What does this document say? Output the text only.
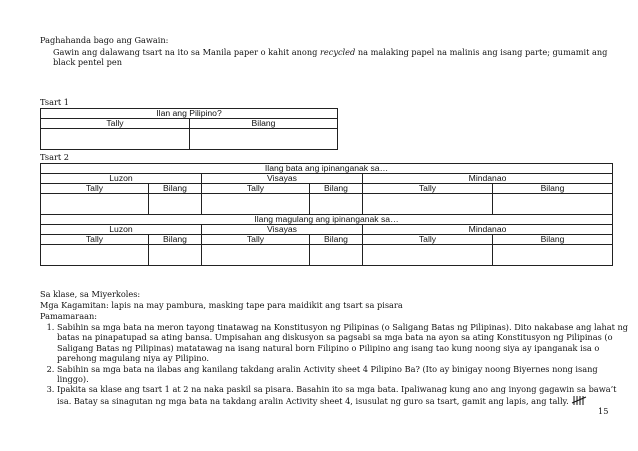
Paghahanda bago ang Gawain:
Gawin ang dalawang tsart na ito sa Manila paper o kahit anong recycled na malaking papel na malinis ang isang parte; gumamit ang black pentel pen
Tsart 1
Ilan ang Pilipino?	
Tally	Bilang

Tsart 2
Ilang bata ang ipinanganak sa…					
Luzon		Visayas		Mindanao	
Tally	Bilang	Tally	Bilang	Tally	Bilang

Ilang magulang ang ipinanganak sa…					
Luzon		Visayas		Mindanao	
Tally	Bilang	Tally	Bilang	Tally	Bilang

Sa klase, sa Miyerkoles:
Mga Kagamitan: lapis na may pambura, masking tape para maidikit ang tsart sa pisara
Pamamaraan:
1. Sabihin sa mga bata na meron tayong tinatawag na Konstitusyon ng Pilipinas (o Saligang Batas ng Pilipinas). Dito nakabase ang lahat ng batas na pinapatupad sa ating bansa. Umpisahan ang diskusyon sa pagsabi sa mga bata na ayon sa ating Konstitusyon ng Pilipinas (o Saligang Batas ng Pilipinas) matatawag na isang natural born Filipino o Pilipino ang isang tao kung noong siya ay ipanganak isa o parehong magulang niya ay Pilipino.
2. Sabihin sa mga bata na ilabas ang kanilang takdang aralin Activity sheet 4 Pilipino Ba? (Ito ay binigay noong Biyernes nong isang linggo).
3. Ipakita sa klase ang tsart 1 at 2 na naka paskil sa pisara. Basahin ito sa mga bata. Ipaliwanag kung ano ang inyong gagawin sa bawa’t isa. Batay sa sinagutan ng mga bata na takdang aralin Activity sheet 4, isusulat ng guro sa tsart, gamit ang lapis, ang tally.
15
